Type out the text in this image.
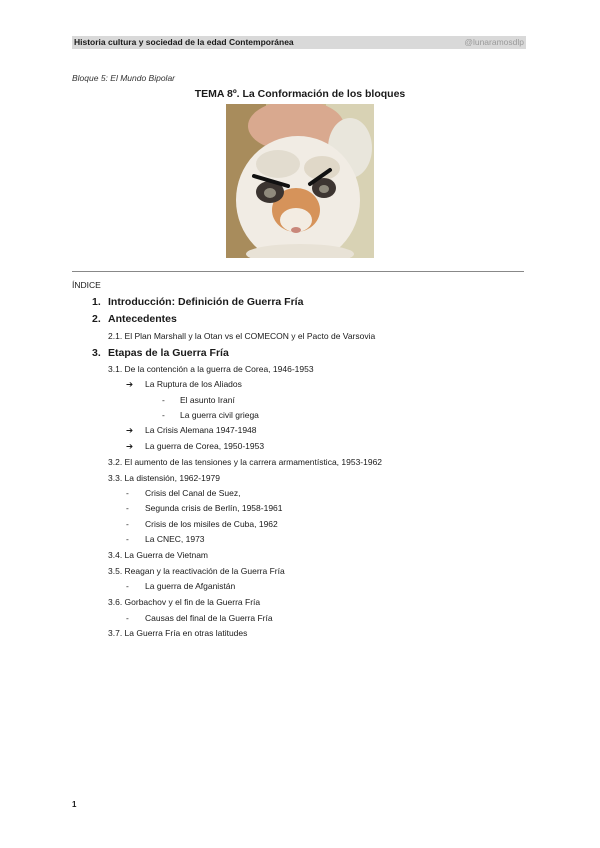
Historia cultura y sociedad de la edad Contemporánea	@lunaramosdlp
Bloque 5: El Mundo Bipolar
TEMA 8º. La Conformación de los bloques
ÍNDICE
1. Introducción: Definición de Guerra Fría
2. Antecedentes
2.1. El Plan Marshall y la Otan vs el COMECON y el Pacto de Varsovia
3. Etapas de la Guerra Fría
3.1. De la contención a la guerra de Corea, 1946-1953
➔ La Ruptura de los Aliados
- El asunto Iraní
- La guerra civil griega
➔ La Crisis Alemana 1947-1948
➔ La guerra de Corea, 1950-1953
3.2. El aumento de las tensiones y la carrera armamentística, 1953-1962
3.3. La distensión, 1962-1979
- Crisis del Canal de Suez,
- Segunda crisis de Berlín, 1958-1961
- Crisis de los misiles de Cuba, 1962
- La CNEC, 1973
3.4. La Guerra de Vietnam
3.5. Reagan y la reactivación de la Guerra Fría
- La guerra de Afganistán
3.6. Gorbachov y el fin de la Guerra Fría
- Causas del final de la Guerra Fría
3.7. La Guerra Fría en otras latitudes
1
